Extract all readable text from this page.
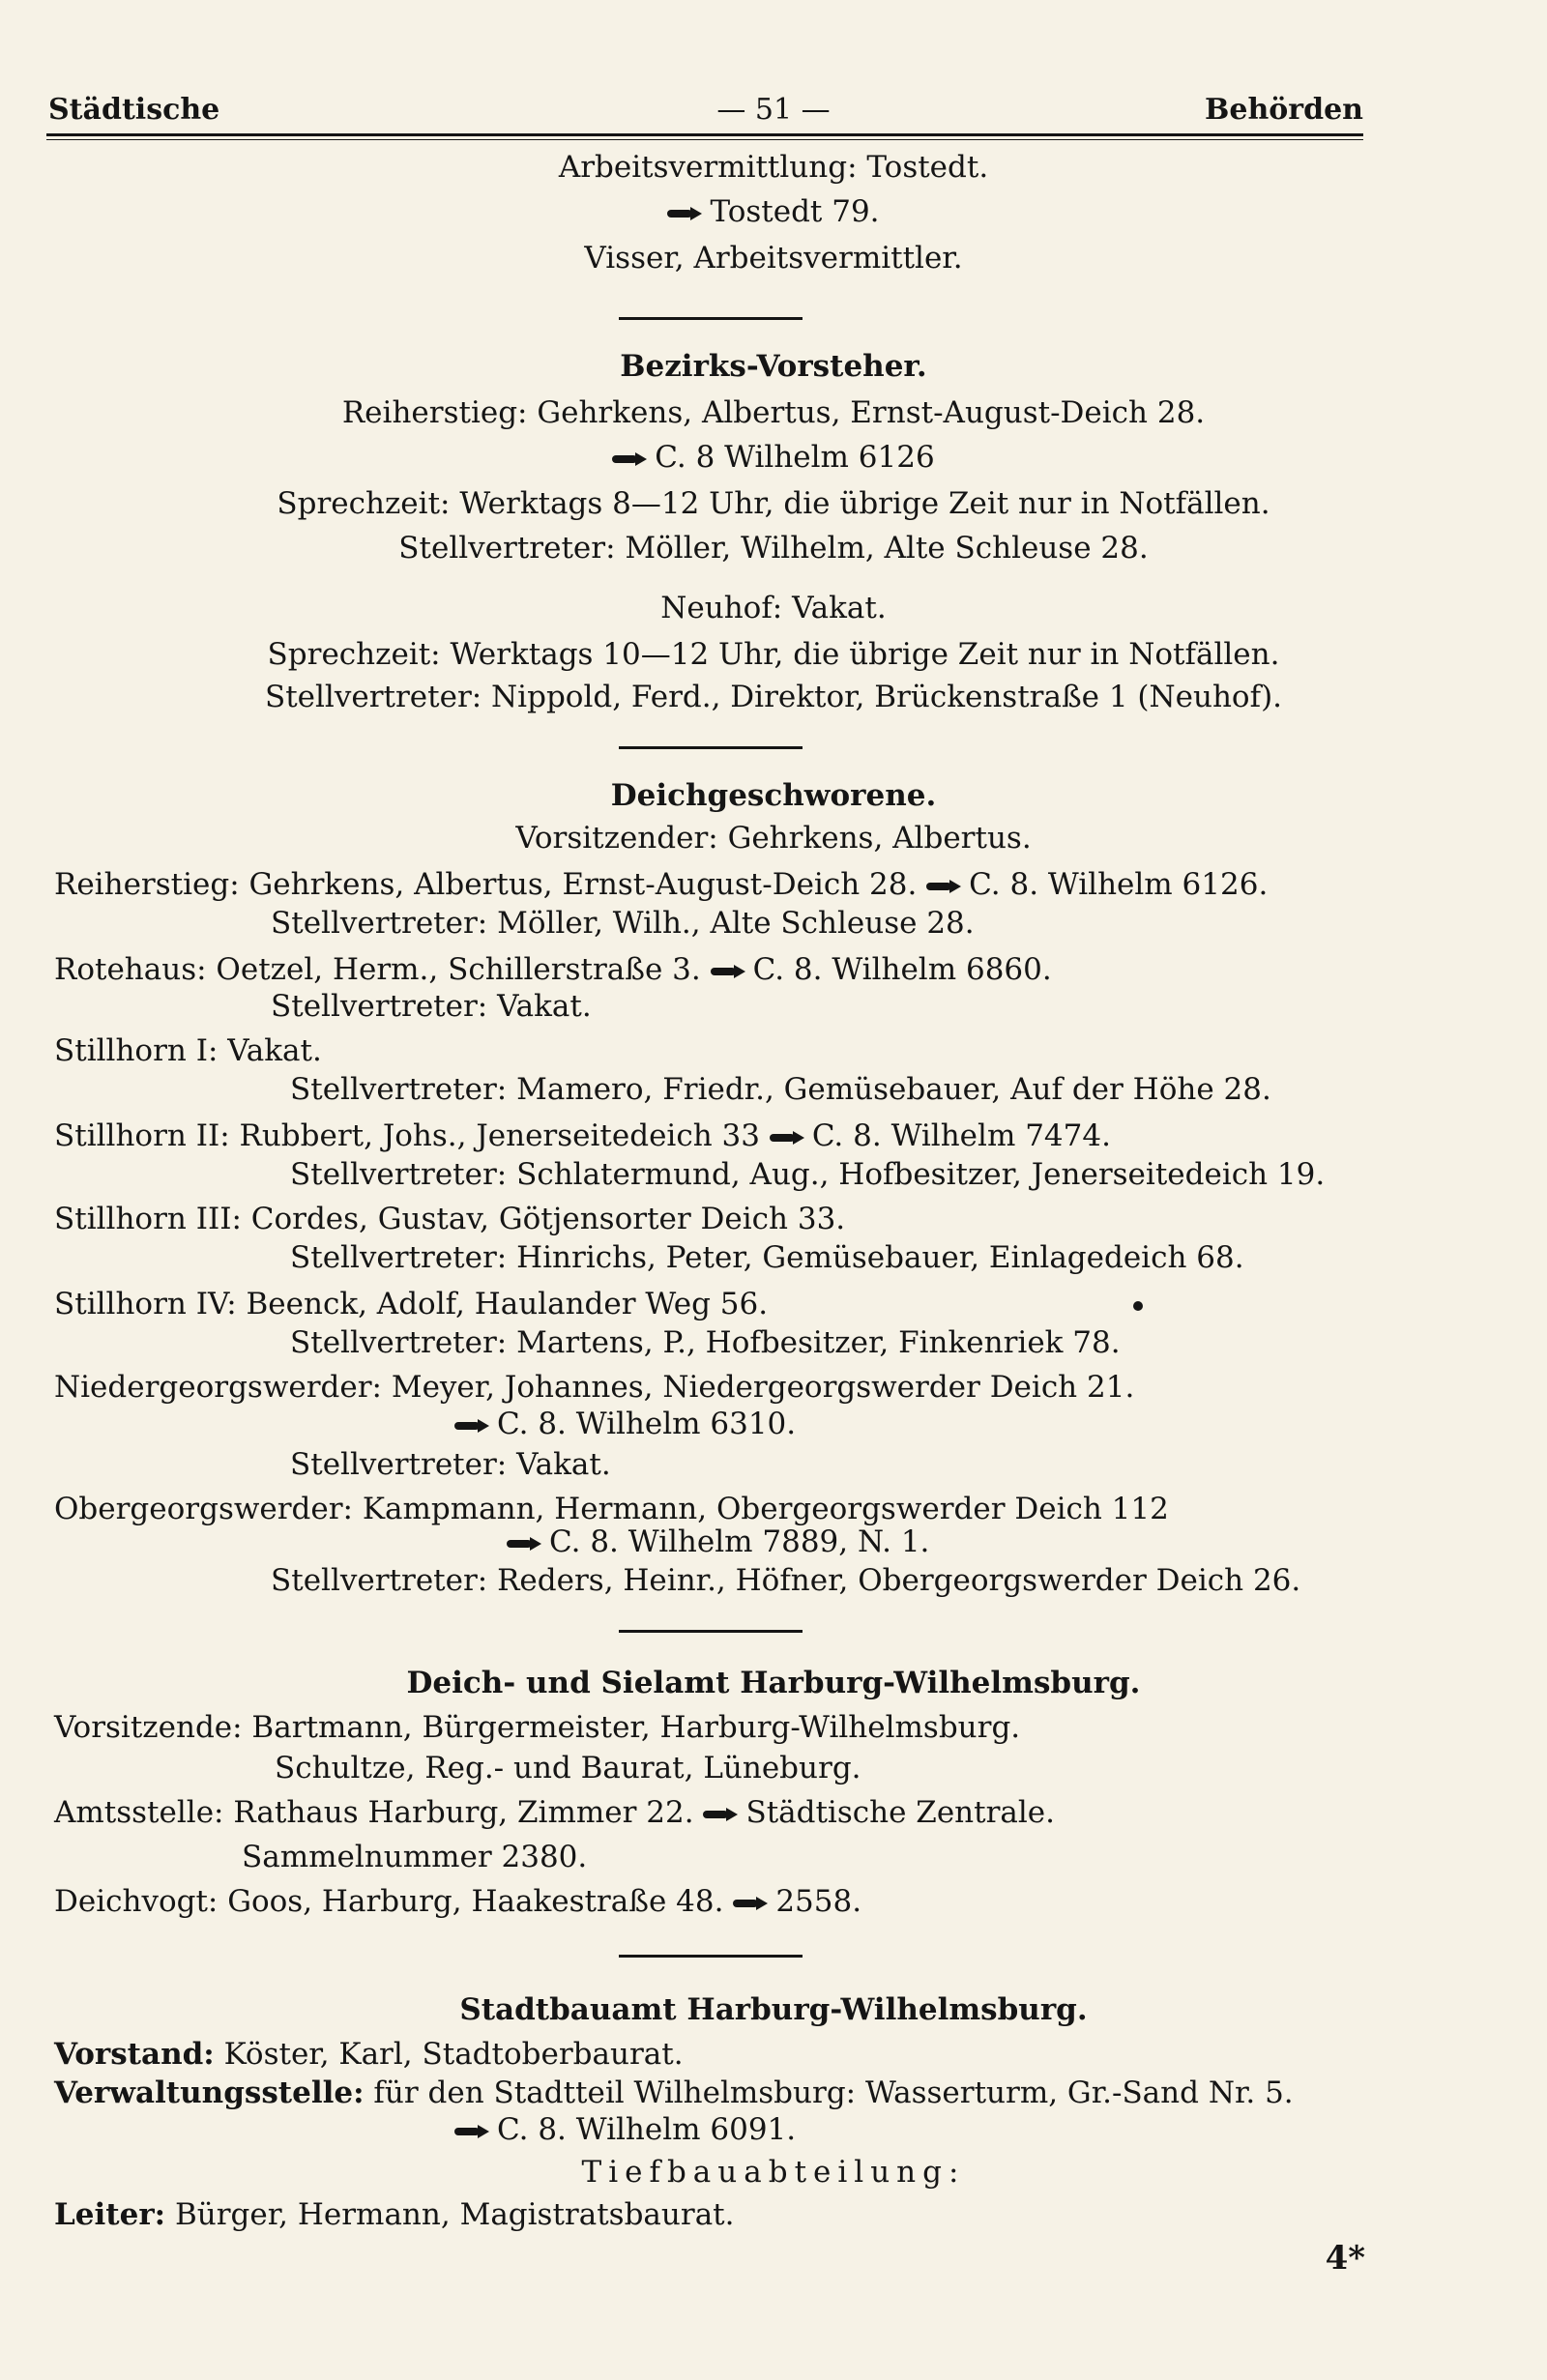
Städtische	— 51 —	Behörden
Arbeitsvermittlung: Tostedt.
Tostedt 79.
Visser, Arbeitsvermittler.
Bezirks-Vorsteher.
Reiherstieg: Gehrkens, Albertus, Ernst-August-Deich 28.
C. 8 Wilhelm 6126
Sprechzeit: Werktags 8—12 Uhr, die übrige Zeit nur in Notfällen.
Stellvertreter: Möller, Wilhelm, Alte Schleuse 28.
Neuhof: Vakat.
Sprechzeit: Werktags 10—12 Uhr, die übrige Zeit nur in Notfällen.
Stellvertreter: Nippold, Ferd., Direktor, Brückenstraße 1 (Neuhof).
Deichgeschworene.
Vorsitzender: Gehrkens, Albertus.
Reiherstieg: Gehrkens, Albertus, Ernst-August-Deich 28. C. 8. Wilhelm 6126.
Stellvertreter: Möller, Wilh., Alte Schleuse 28.
Rotehaus: Oetzel, Herm., Schillerstraße 3. C. 8. Wilhelm 6860.
Stellvertreter: Vakat.
Stillhorn I: Vakat.
Stellvertreter: Mamero, Friedr., Gemüsebauer, Auf der Höhe 28.
Stillhorn II: Rubbert, Johs., Jenerseitedeich 33 C. 8. Wilhelm 7474.
Stellvertreter: Schlatermund, Aug., Hofbesitzer, Jenerseitedeich 19.
Stillhorn III: Cordes, Gustav, Götjensorter Deich 33.
Stellvertreter: Hinrichs, Peter, Gemüsebauer, Einlagedeich 68.
Stillhorn IV: Beenck, Adolf, Haulander Weg 56.
Stellvertreter: Martens, P., Hofbesitzer, Finkenriek 78.
Niedergeorgswerder: Meyer, Johannes, Niedergeorgswerder Deich 21.
C. 8. Wilhelm 6310.
Stellvertreter: Vakat.
Obergeorgswerder: Kampmann, Hermann, Obergeorgswerder Deich 112
C. 8. Wilhelm 7889, N. 1.
Stellvertreter: Reders, Heinr., Höfner, Obergeorgswerder Deich 26.
Deich- und Sielamt Harburg-Wilhelmsburg.
Vorsitzende: Bartmann, Bürgermeister, Harburg-Wilhelmsburg.
Schultze, Reg.- und Baurat, Lüneburg.
Amtsstelle: Rathaus Harburg, Zimmer 22. Städtische Zentrale.
Sammelnummer 2380.
Deichvogt: Goos, Harburg, Haakestraße 48. 2558.
Stadtbauamt Harburg-Wilhelmsburg.
Vorstand: Köster, Karl, Stadtoberbaurat.
Verwaltungsstelle: für den Stadtteil Wilhelmsburg: Wasserturm, Gr.-Sand Nr. 5.
C. 8. Wilhelm 6091.
Tiefbauabteilung:
Leiter: Bürger, Hermann, Magistratsbaurat.
4*
